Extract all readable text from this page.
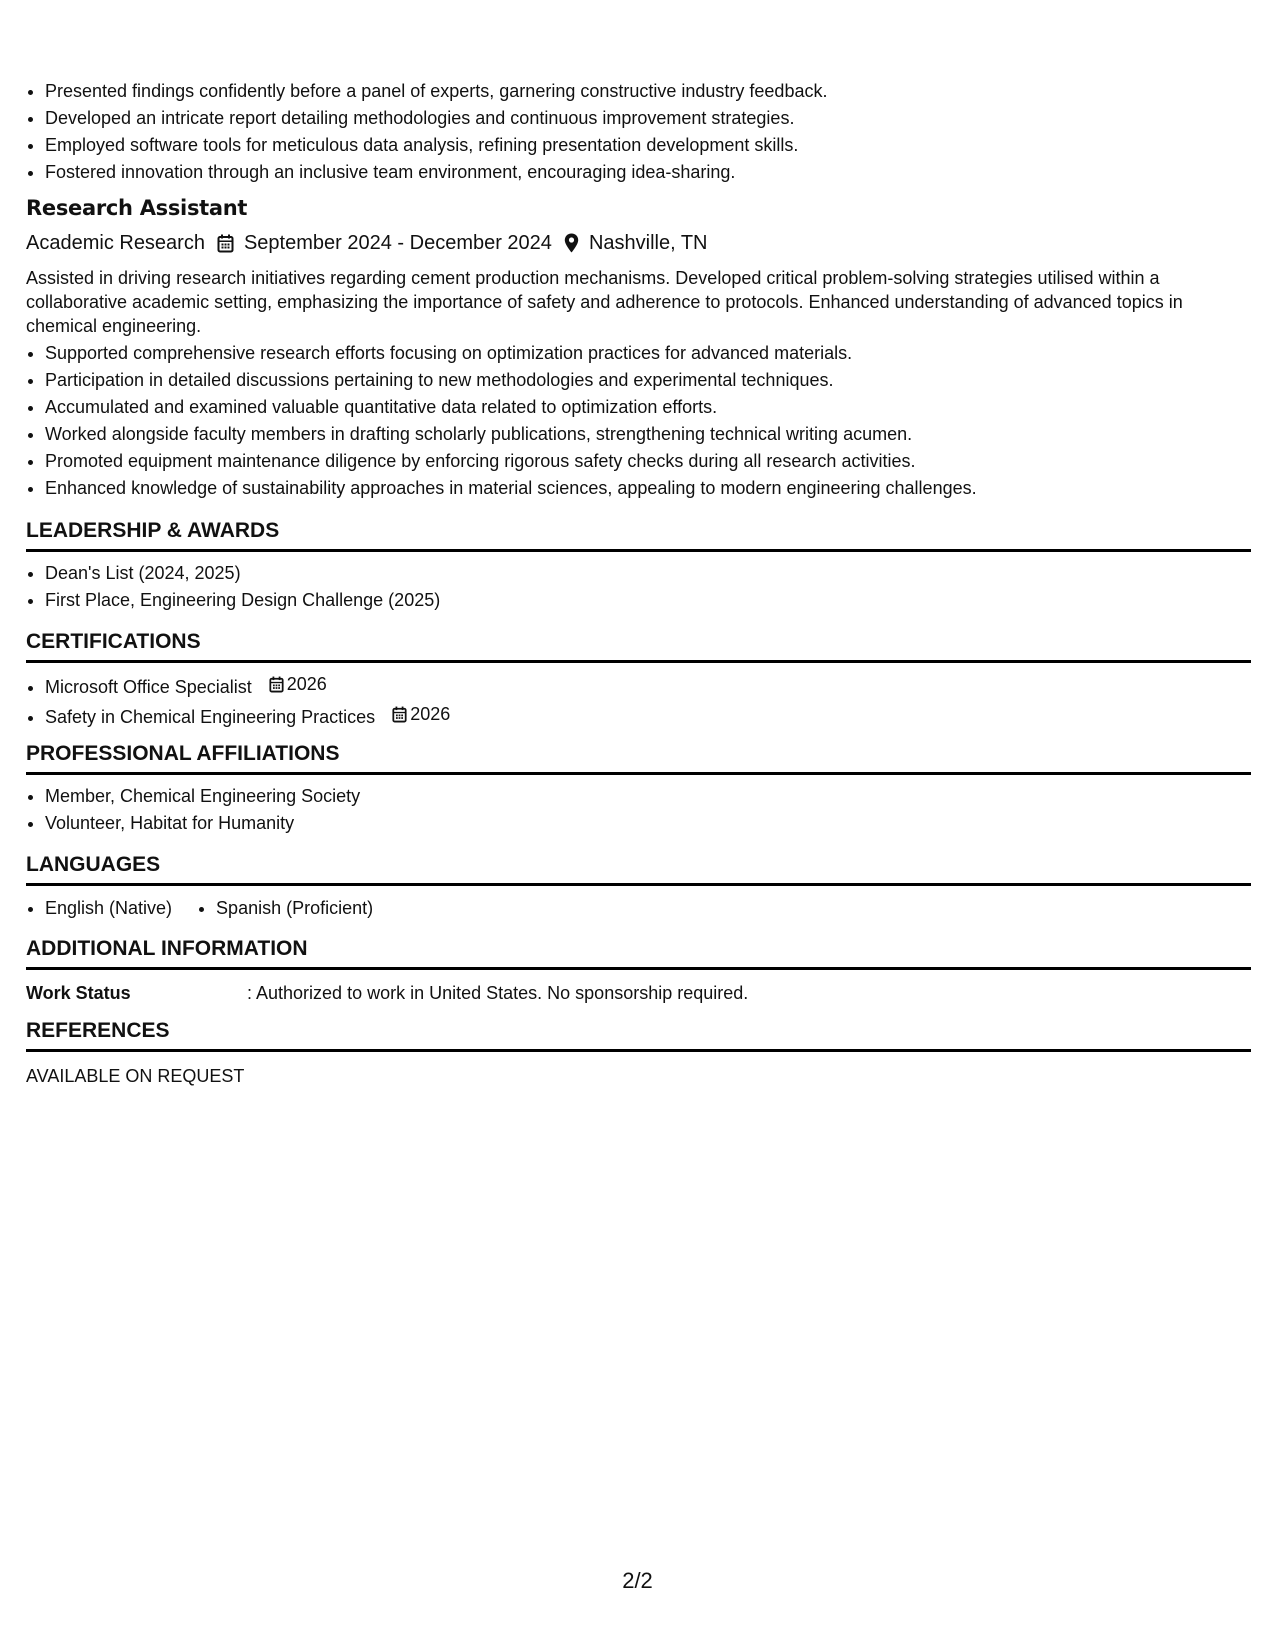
• Presented findings confidently before a panel of experts, garnering constructive industry feedback.
• Developed an intricate report detailing methodologies and continuous improvement strategies.
• Employed software tools for meticulous data analysis, refining presentation development skills.
• Fostered innovation through an inclusive team environment, encouraging idea-sharing.
Research Assistant
Academic Research September 2024 - December 2024 Nashville, TN

Assisted in driving research initiatives regarding cement production mechanisms. Developed critical problem-solving strategies utilised within a collaborative academic setting, emphasizing the importance of safety and adherence to protocols. Enhanced understanding of advanced topics in chemical engineering.

• Supported comprehensive research efforts focusing on optimization practices for advanced materials.
• Participation in detailed discussions pertaining to new methodologies and experimental techniques.
• Accumulated and examined valuable quantitative data related to optimization efforts.
• Worked alongside faculty members in drafting scholarly publications, strengthening technical writing acumen.
• Promoted equipment maintenance diligence by enforcing rigorous safety checks during all research activities.
• Enhanced knowledge of sustainability approaches in material sciences, appealing to modern engineering challenges.
LEADERSHIP & AWARDS
• Dean's List (2024, 2025)
• First Place, Engineering Design Challenge (2025)
CERTIFICATIONS
• Microsoft Office Specialist 2026
• Safety in Chemical Engineering Practices 2026
PROFESSIONAL AFFILIATIONS
• Member, Chemical Engineering Society
• Volunteer, Habitat for Humanity
LANGUAGES
• English (Native)
• Spanish (Proficient)
ADDITIONAL INFORMATION
Work Status	: Authorized to work in United States. No sponsorship required.
REFERENCES
AVAILABLE ON REQUEST
2/2
